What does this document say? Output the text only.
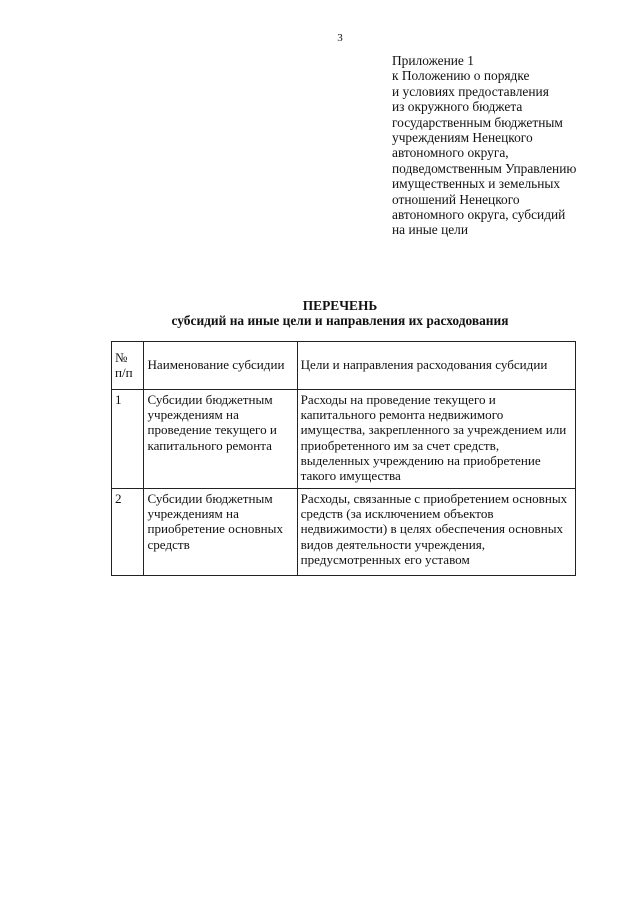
3
Приложение 1
к Положению о порядке
и условиях предоставления
из окружного бюджета
государственным бюджетным
учреждениям Ненецкого
автономного округа,
подведомственным Управлению
имущественных и земельных
отношений Ненецкого
автономного округа, субсидий
на иные цели
ПЕРЕЧЕНЬ
субсидий на иные цели и направления их расходования
№
п/п	Наименование субсидии	Цели и направления расходования субсидии
1	Субсидии бюджетным учреждениям на проведение текущего и капитального ремонта	Расходы на проведение текущего и капитального ремонта недвижимого имущества, закрепленного за учреждением или приобретенного им за счет средств, выделенных учреждению на приобретение такого имущества
2	Субсидии бюджетным учреждениям на приобретение основных средств	Расходы, связанные с приобретением основных средств (за исключением объектов недвижимости) в целях обеспечения основных видов деятельности учреждения, предусмотренных его уставом
